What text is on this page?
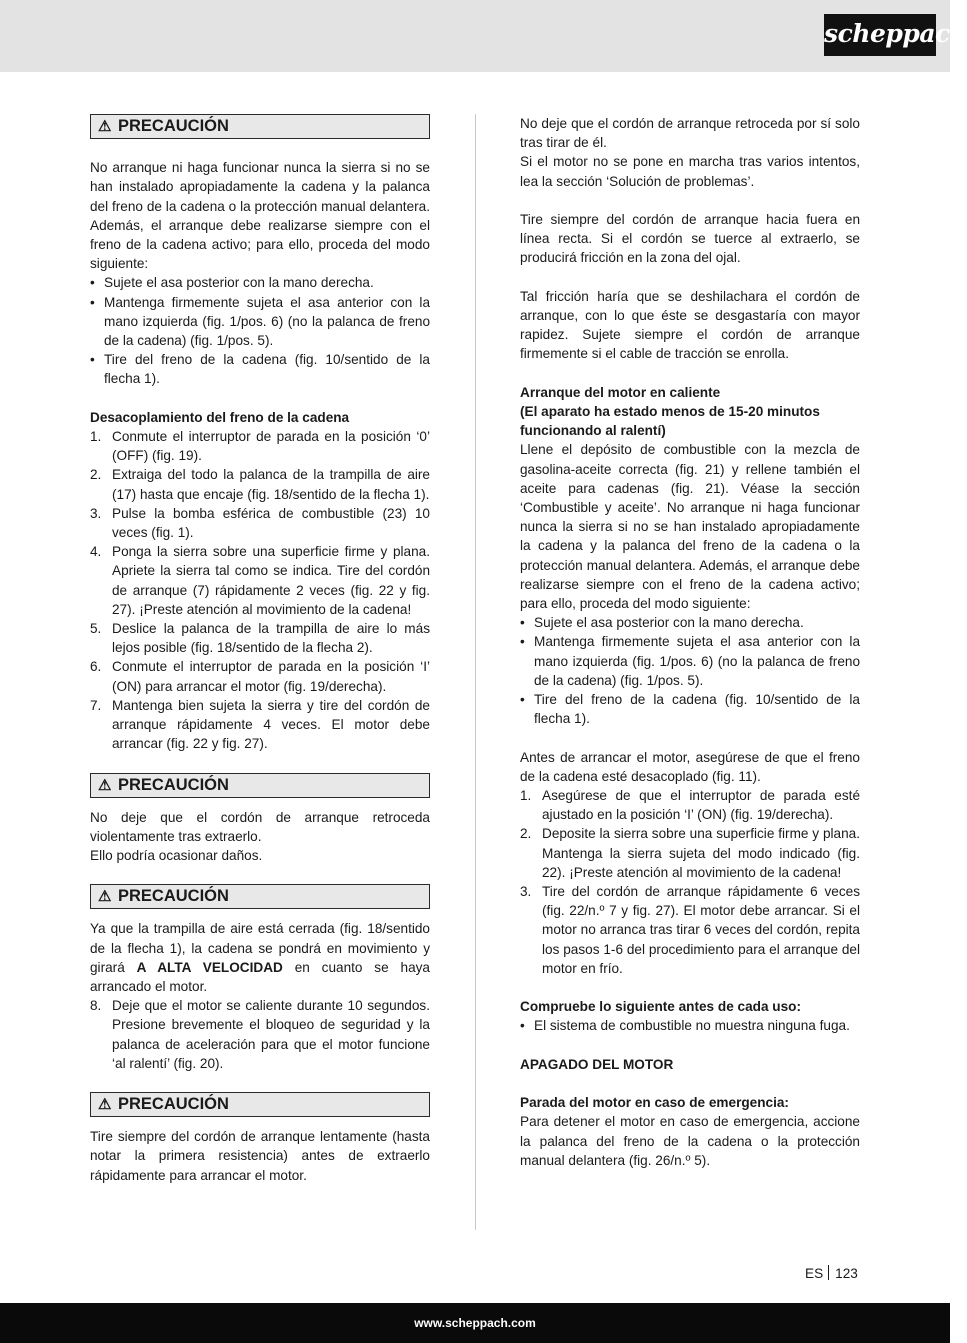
scheppach
⚠ PRECAUCIÓN

No arranque ni haga funcionar nunca la sierra si no se han instalado apropiadamente la cadena y la palanca del freno de la cadena o la protección manual delantera. Además, el arranque debe realizarse siempre con el freno de la cadena activo; para ello, proceda del modo siguiente:

• Sujete el asa posterior con la mano derecha.
• Mantenga firmemente sujeta el asa anterior con la mano izquierda (fig. 1/pos. 6) (no la palanca de freno de la cadena) (fig. 1/pos. 5).
• Tire del freno de la cadena (fig. 10/sentido de la flecha 1).
Desacoplamiento del freno de la cadena
1. Conmute el interruptor de parada en la posición ‘0’ (OFF) (fig. 19).
2. Extraiga del todo la palanca de la trampilla de aire (17) hasta que encaje (fig. 18/sentido de la flecha 1).
3. Pulse la bomba esférica de combustible (23) 10 veces (fig. 1).
4. Ponga la sierra sobre una superficie firme y plana. Apriete la sierra tal como se indica. Tire del cordón de arranque (7) rápidamente 2 veces (fig. 22 y fig. 27). ¡Preste atención al movimiento de la cadena!
5. Deslice la palanca de la trampilla de aire lo más lejos posible (fig. 18/sentido de la flecha 2).
6. Conmute el interruptor de parada en la posición ‘I’ (ON) para arrancar el motor (fig. 19/derecha).
7. Mantenga bien sujeta la sierra y tire del cordón de arranque rápidamente 4 veces. El motor debe arrancar (fig. 22 y fig. 27).
⚠ PRECAUCIÓN

No deje que el cordón de arranque retroceda violentamente tras extraerlo.

Ello podría ocasionar daños.

⚠ PRECAUCIÓN

Ya que la trampilla de aire está cerrada (fig. 18/sentido de la flecha 1), la cadena se pondrá en movimiento y girará A ALTA VELOCIDAD en cuanto se haya arrancado el motor.

8. Deje que el motor se caliente durante 10 segundos. Presione brevemente el bloqueo de seguridad y la palanca de aceleración para que el motor funcione ‘al ralentí’ (fig. 20).
⚠ PRECAUCIÓN

Tire siempre del cordón de arranque lentamente (hasta notar la primera resistencia) antes de extraerlo rápidamente para arrancar el motor.

No deje que el cordón de arranque retroceda por sí solo tras tirar de él.

Si el motor no se pone en marcha tras varios intentos, lea la sección ‘Solución de problemas’.

Tire siempre del cordón de arranque hacia fuera en línea recta. Si el cordón se tuerce al extraerlo, se producirá fricción en la zona del ojal.

Tal fricción haría que se deshilachara el cordón de arranque, con lo que éste se desgastaría con mayor rapidez. Sujete siempre el cordón de arranque firmemente si el cable de tracción se enrolla.

Arranque del motor en caliente
(El aparato ha estado menos de 15-20 minutos funcionando al ralentí)

Llene el depósito de combustible con la mezcla de gasolina-aceite correcta (fig. 21) y rellene también el aceite para cadenas (fig. 21). Véase la sección ‘Combustible y aceite’. No arranque ni haga funcionar nunca la sierra si no se han instalado apropiadamente la cadena y la palanca del freno de la cadena o la protección manual delantera. Además, el arranque debe realizarse siempre con el freno de la cadena activo; para ello, proceda del modo siguiente:

• Sujete el asa posterior con la mano derecha.
• Mantenga firmemente sujeta el asa anterior con la mano izquierda (fig. 1/pos. 6) (no la palanca de freno de la cadena) (fig. 1/pos. 5).
• Tire del freno de la cadena (fig. 10/sentido de la flecha 1).

Antes de arrancar el motor, asegúrese de que el freno de la cadena esté desacoplado (fig. 11).

1. Asegúrese de que el interruptor de parada esté ajustado en la posición ‘I’ (ON) (fig. 19/derecha).
2. Deposite la sierra sobre una superficie firme y plana. Mantenga la sierra sujeta del modo indicado (fig. 22). ¡Preste atención al movimiento de la cadena!
3. Tire del cordón de arranque rápidamente 6 veces (fig. 22/n.º 7 y fig. 27). El motor debe arrancar. Si el motor no arranca tras tirar 6 veces del cordón, repita los pasos 1-6 del procedimiento para el arranque del motor en frío.
Compruebe lo siguiente antes de cada uso:
• El sistema de combustible no muestra ninguna fuga.
APAGADO DEL MOTOR
Parada del motor en caso de emergencia:

Para detener el motor en caso de emergencia, accione la palanca del freno de la cadena o la protección manual delantera (fig. 26/n.º 5).

ES 123
www.scheppach.com
